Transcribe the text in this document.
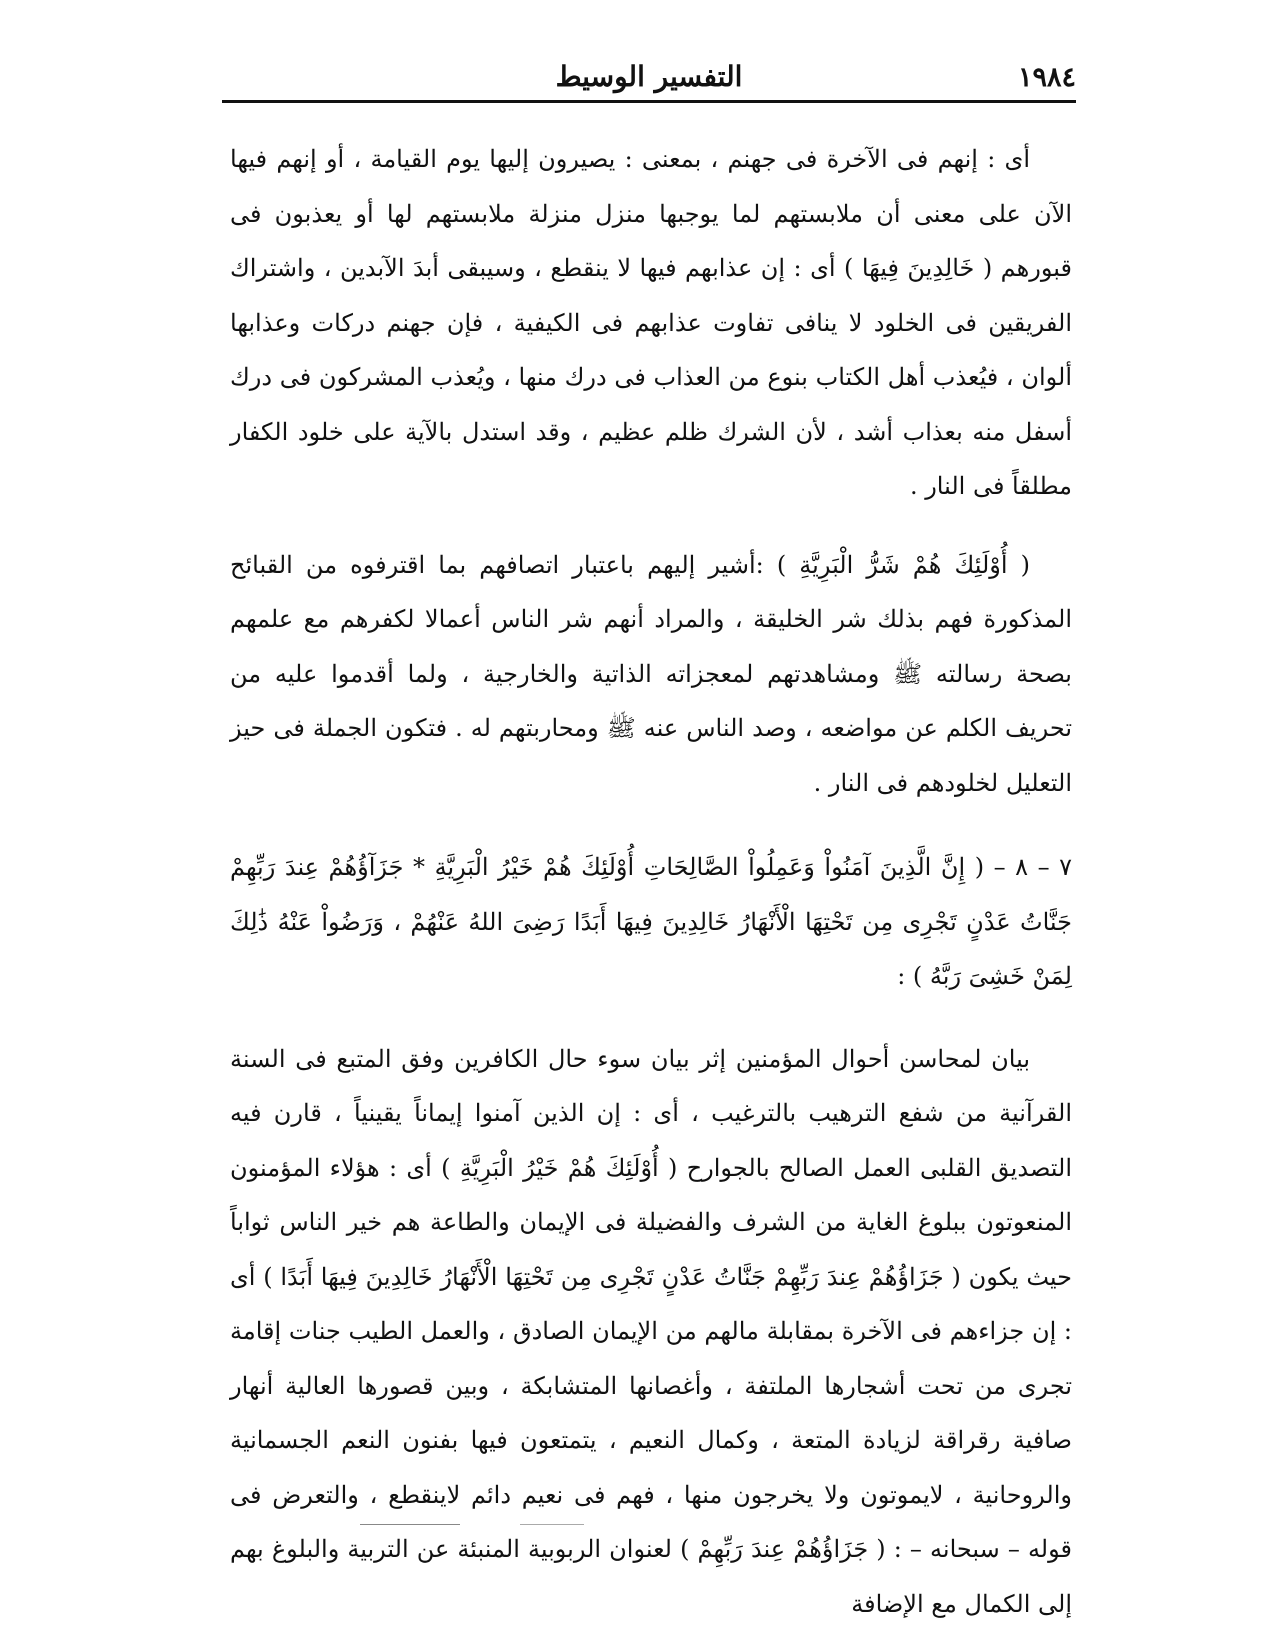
١٩٨٤
التفسير الوسيط

أى : إنهم فى الآخرة فى جهنم ، بمعنى : يصيرون إليها يوم القيامة ، أو إنهم فيها الآن على معنى أن ملابستهم لما يوجبها منزل منزلة ملابستهم لها أو يعذبون فى قبورهم ( خَالِدِينَ فِيهَا ) أى : إن عذابهم فيها لا ينقطع ، وسيبقى أبدَ الآبدين ، واشتراك الفريقين فى الخلود لا ينافى تفاوت عذابهم فى الكيفية ، فإن جهنم دركات وعذابها ألوان ، فيُعذب أهل الكتاب بنوع من العذاب فى درك منها ، ويُعذب المشركون فى درك أسفل منه بعذاب أشد ، لأن الشرك ظلم عظيم ، وقد استدل بالآية على خلود الكفار مطلقاً فى النار .

( أُوْلَئِكَ هُمْ شَرُّ الْبَرِيَّةِ ) :أشير إليهم باعتبار اتصافهم بما اقترفوه من القبائح المذكورة فهم بذلك شر الخليقة ، والمراد أنهم شر الناس أعمالا لكفرهم مع علمهم بصحة رسالته ﷺ ومشاهدتهم لمعجزاته الذاتية والخارجية ، ولما أقدموا عليه من تحريف الكلم عن مواضعه ، وصد الناس عنه ﷺ ومحاربتهم له . فتكون الجملة فى حيز التعليل لخلودهم فى النار .

٧ – ٨ – ( إِنَّ الَّذِينَ آمَنُواْ وَعَمِلُواْ الصَّالِحَاتِ أُوْلَئِكَ هُمْ خَيْرُ الْبَرِيَّةِ * جَزَآؤُهُمْ عِندَ رَبِّهِمْ جَنَّاتُ عَدْنٍ تَجْرِى مِن تَحْتِهَا الْأَنْهَارُ خَالِدِينَ فِيهَا أَبَدًا رَضِىَ اللهُ عَنْهُمْ ، وَرَضُواْ عَنْهُ ذَٰلِكَ لِمَنْ خَشِىَ رَبَّهُ ) :

بيان لمحاسن أحوال المؤمنين إثر بيان سوء حال الكافرين وفق المتبع فى السنة القرآنية من شفع الترهيب بالترغيب ، أى : إن الذين آمنوا إيماناً يقينياً ، قارن فيه التصديق القلبى العمل الصالح بالجوارح ( أُوْلَئِكَ هُمْ خَيْرُ الْبَرِيَّةِ ) أى : هؤلاء المؤمنون المنعوتون ببلوغ الغاية من الشرف والفضيلة فى الإيمان والطاعة هم خير الناس ثواباً حيث يكون ( جَزَاؤُهُمْ عِندَ رَبِّهِمْ جَنَّاتُ عَدْنٍ تَجْرِى مِن تَحْتِهَا الْأَنْهَارُ خَالِدِينَ فِيهَا أَبَدًا ) أى : إن جزاءهم فى الآخرة بمقابلة مالهم من الإيمان الصادق ، والعمل الطيب جنات إقامة تجرى من تحت أشجارها الملتفة ، وأغصانها المتشابكة ، وبين قصورها العالية أنهار صافية رقراقة لزيادة المتعة ، وكمال النعيم ، يتمتعون فيها بفنون النعم الجسمانية والروحانية ، لايموتون ولا يخرجون منها ، فهم فى نعيم دائم لاينقطع ، والتعرض فى قوله – سبحانه – : ( جَزَاؤُهُمْ عِندَ رَبِّهِمْ ) لعنوان الربوبية المنبئة عن التربية والبلوغ بهم إلى الكمال مع الإضافة
